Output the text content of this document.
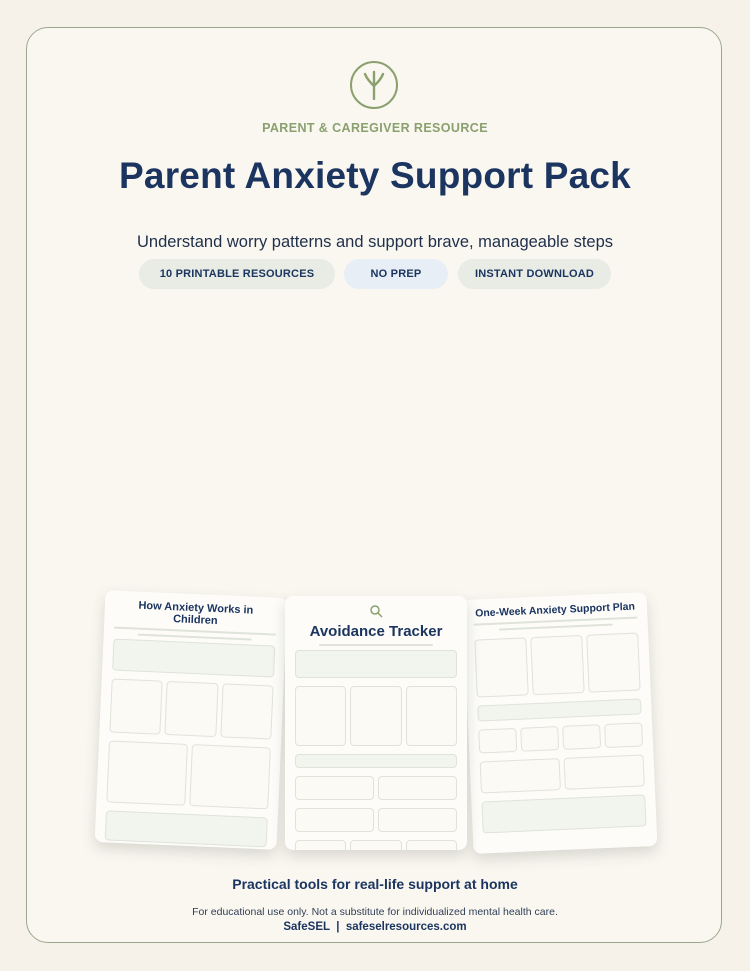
PARENT & CAREGIVER RESOURCE
Parent Anxiety Support Pack
Understand worry patterns and support brave, manageable steps
10 PRINTABLE RESOURCES	NO PREP	INSTANT DOWNLOAD
How Anxiety Works in Children
One-Week Anxiety Support Plan
Avoidance Tracker
Practical tools for real-life support at home
For educational use only. Not a substitute for individualized mental health care.
SafeSEL | safeselresources.com
